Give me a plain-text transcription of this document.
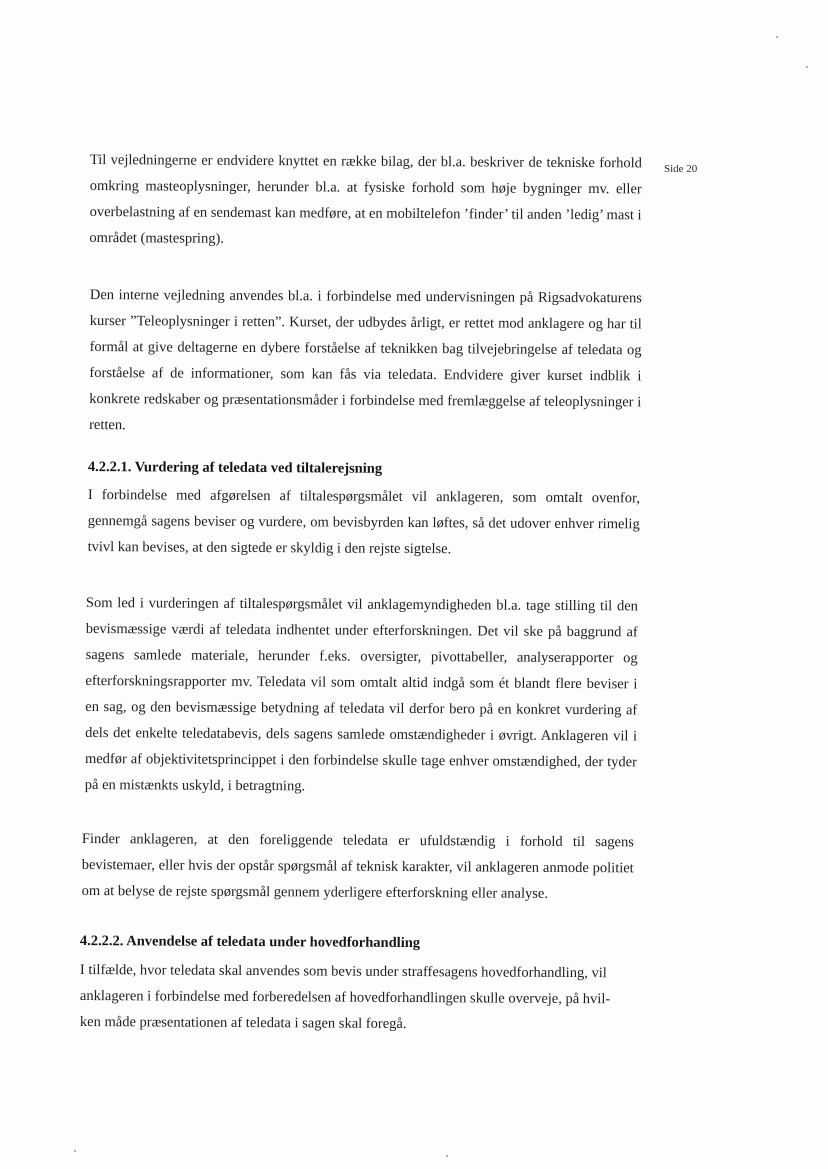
Side 20

Til vejledningerne er endvidere knyttet en række bilag, der bl.a. beskriver de tekniske forhold omkring masteoplysninger, herunder bl.a. at fysiske forhold som høje bygninger mv. eller overbelastning af en sendemast kan medføre, at en mobiltelefon ’finder’ til anden ’ledig’ mast i området (mastespring).

Den interne vejledning anvendes bl.a. i forbindelse med undervisningen på Rigsadvokaturens kurser ”Teleoplysninger i retten”. Kurset, der udbydes årligt, er rettet mod anklagere og har til formål at give deltagerne en dybere forståelse af teknikken bag tilvejebringelse af teledata og forståelse af de informationer, som kan fås via teledata. Endvidere giver kurset indblik i konkrete redskaber og præsentationsmåder i forbindelse med fremlæggelse af teleoplysninger i retten.

4.2.2.1. Vurdering af teledata ved tiltalerejsning

I forbindelse med afgørelsen af tiltalespørgsmålet vil anklageren, som omtalt ovenfor, gennemgå sagens beviser og vurdere, om bevisbyrden kan løftes, så det udover enhver rimelig tvivl kan bevises, at den sigtede er skyldig i den rejste sigtelse.

Som led i vurderingen af tiltalespørgsmålet vil anklagemyndigheden bl.a. tage stilling til den bevismæssige værdi af teledata indhentet under efterforskningen. Det vil ske på baggrund af sagens samlede materiale, herunder f.eks. oversigter, pivottabeller, analyserapporter og efterforskningsrapporter mv. Teledata vil som omtalt altid indgå som ét blandt flere beviser i en sag, og den bevismæssige betydning af teledata vil derfor bero på en konkret vurdering af dels det enkelte teledatabevis, dels sagens samlede omstændigheder i øvrigt. Anklageren vil i medfør af objektivitetsprincippet i den forbindelse skulle tage enhver omstændighed, der tyder på en mistænkts uskyld, i betragtning.

Finder anklageren, at den foreliggende teledata er ufuldstændig i forhold til sagens bevistemaer, eller hvis der opstår spørgsmål af teknisk karakter, vil anklageren anmode politiet om at belyse de rejste spørgsmål gennem yderligere efterforskning eller analyse.

4.2.2.2. Anvendelse af teledata under hovedforhandling
I tilfælde, hvor teledata skal anvendes som bevis under straffesagens hovedforhandling, vil
anklageren i forbindelse med forberedelsen af hovedforhandlingen skulle overveje, på hvil-
ken måde præsentationen af teledata i sagen skal foregå.
